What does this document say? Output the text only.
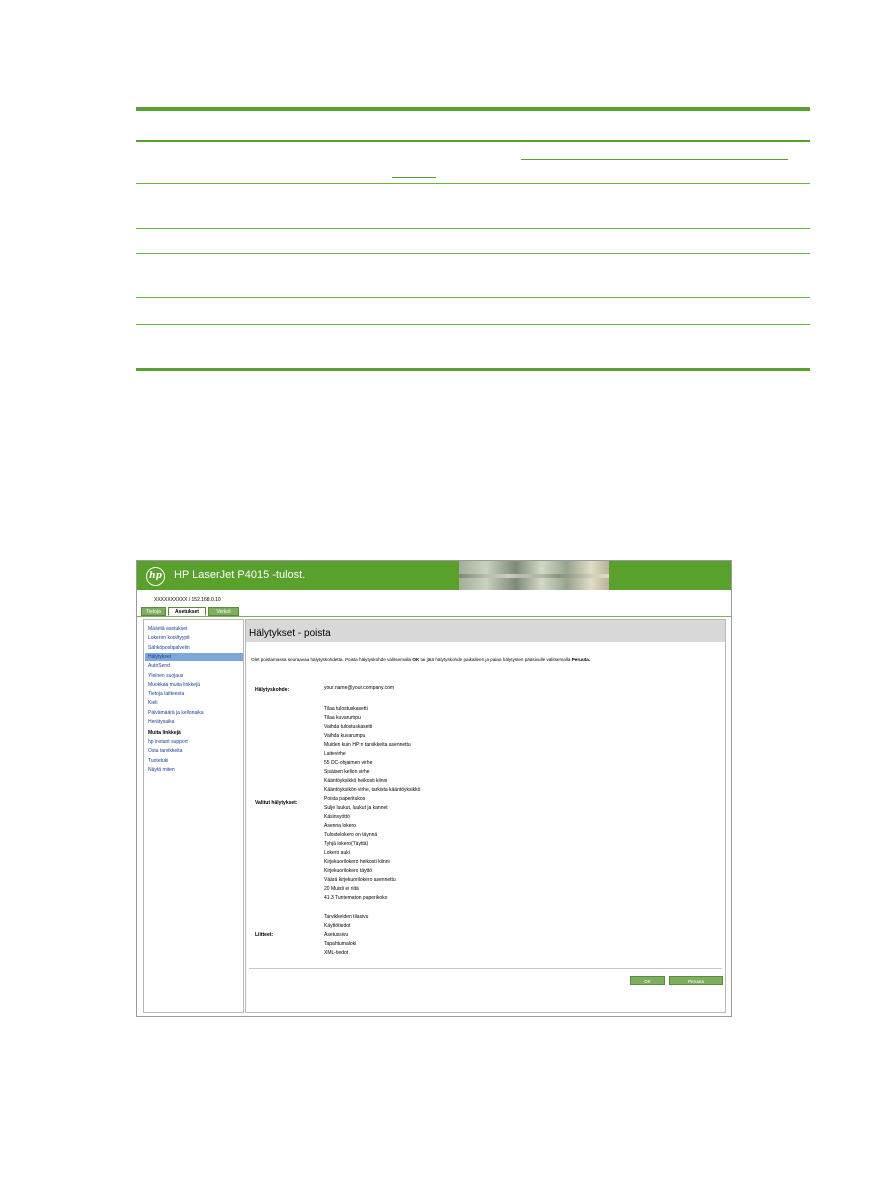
hp HP LaserJet P4015 -tulost.
XXXXXXXXXX / 152.168.0.10
Tietoja	Asetukset	Verkot
Määritä asetukset
Lokeron kooi/tyypit
Sähköpostipalvelin
Hälytykset
AutoSend
Yleinen suojaus
Muokkaa muita linkkejä
Tietoja laitteesta
Kieli
Päivämäärä ja kellonaika
Herätysaika
Muita linkkejä
hp instant support
Osta tarvikkeita
Tuotetuki
Näytä miten
Hälytykset - poista
Olet poistamassa seuraavaa hälytyskohdetta. Poista hälytyskohde valitsemalla OK tai jätä hälytyskohde paikalleen ja palaa hälytysten pääsivulle valitsemalla Peruuta.
Hälytyskohde:	your.name@your.company.com
Valitut hälytykset:
Tilaa tulostuskasetti
Tilaa kuvarumpu
Vaihda tulostuskasetti
Vaihda kuvarumpu
Muiden kuin HP:n tarvikkeita asennettu
Laitevirhe
55 DC-ohjaimen virhe
Sisäisen kellon virhe
Kääntöyksikkö heikosti kiinni
Kääntöyksikön virhe, tarkista kääntöyksikkö
Poista paperitukos
Sulje luukut, luukut ja kannet
Käsinsyöttö
Asenna lokero
Tulostelokero on täynnä
Tyhjä lokero(Täyttä)
Lokero auki
Kirjekuorilokero heikosti kiinni
Kirjekuorilokero täyttö
Väärä kirjekuorilokero asennettu
20 Muisti ei riitä
41.3 Tuntematon paperikoko
Liitteet:
Tarvikkeiden tilasivu
Käyttötiedot
Asetussivu
Tapahtumaloki
XML-tiedot
OK	Peruuta
